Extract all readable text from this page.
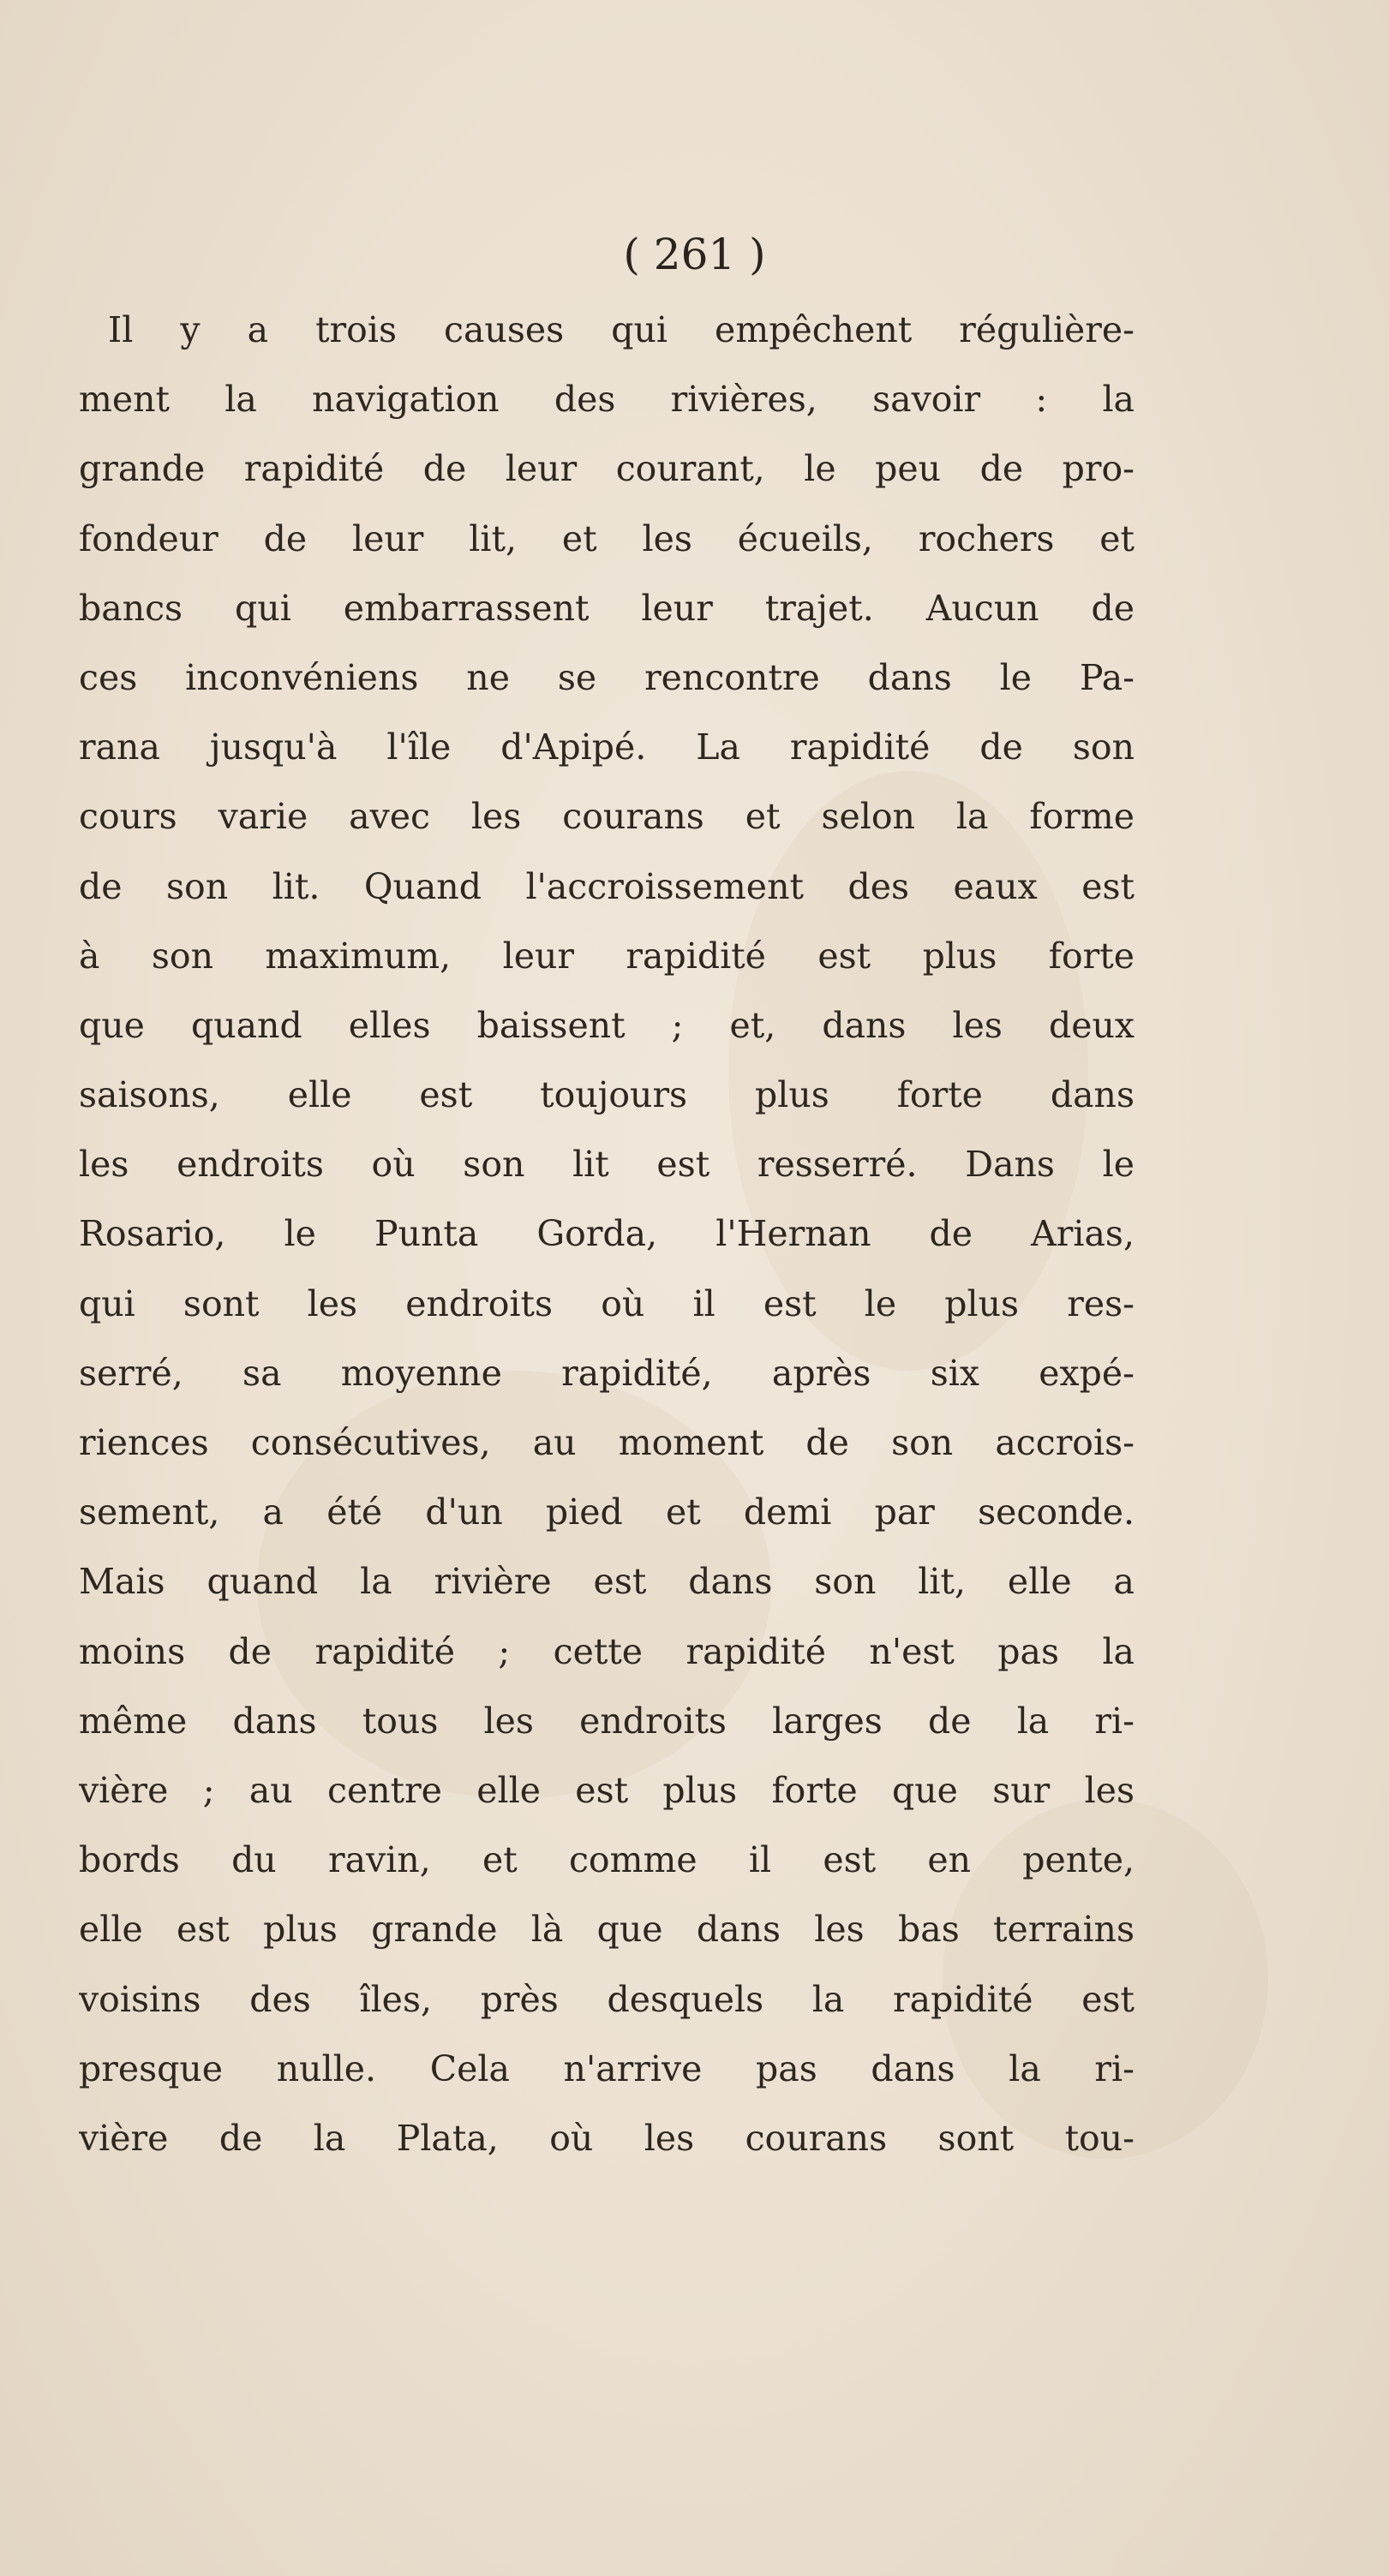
( 261 )
Il y a trois causes qui empêchent régulière-
ment la navigation des rivières, savoir : la
grande rapidité de leur courant, le peu de pro-
fondeur de leur lit, et les écueils, rochers et
bancs qui embarrassent leur trajet. Aucun de
ces inconvéniens ne se rencontre dans le Pa-
rana jusqu'à l'île d'Apipé. La rapidité de son
cours varie avec les courans et selon la forme
de son lit. Quand l'accroissement des eaux est
à son maximum, leur rapidité est plus forte
que quand elles baissent ; et, dans les deux
saisons, elle est toujours plus forte dans
les endroits où son lit est resserré. Dans le
Rosario, le Punta Gorda, l'Hernan de Arias,
qui sont les endroits où il est le plus res-
serré, sa moyenne rapidité, après six expé-
riences consécutives, au moment de son accrois-
sement, a été d'un pied et demi par seconde.
Mais quand la rivière est dans son lit, elle a
moins de rapidité ; cette rapidité n'est pas la
même dans tous les endroits larges de la ri-
vière ; au centre elle est plus forte que sur les
bords du ravin, et comme il est en pente,
elle est plus grande là que dans les bas terrains
voisins des îles, près desquels la rapidité est
presque nulle. Cela n'arrive pas dans la ri-
vière de la Plata, où les courans sont tou-
